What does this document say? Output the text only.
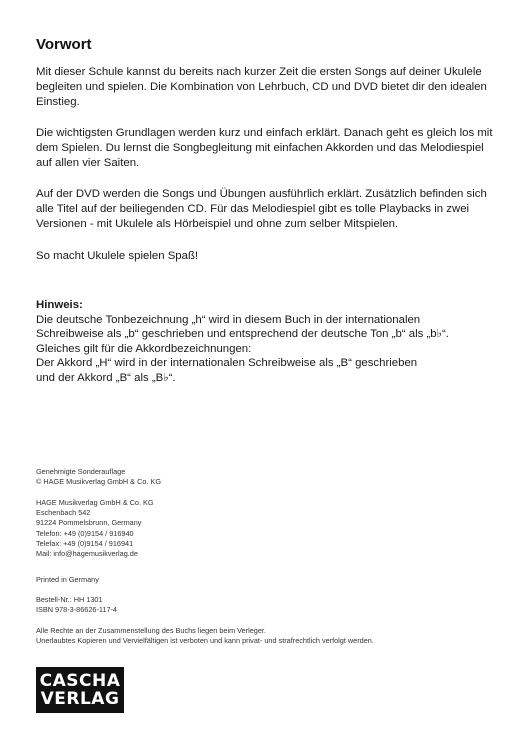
Vorwort

Mit dieser Schule kannst du bereits nach kurzer Zeit die ersten Songs auf deiner Ukulele begleiten und spielen. Die Kombination von Lehrbuch, CD und DVD bietet dir den idealen Einstieg.

Die wichtigsten Grundlagen werden kurz und einfach erklärt. Danach geht es gleich los mit dem Spielen. Du lernst die Songbegleitung mit einfachen Akkorden und das Melodiespiel auf allen vier Saiten.

Auf der DVD werden die Songs und Übungen ausführlich erklärt. Zusätzlich befinden sich alle Titel auf der beiliegenden CD. Für das Melodiespiel gibt es tolle Playbacks in zwei Versionen - mit Ukulele als Hörbeispiel und ohne zum selber Mitspielen.

So macht Ukulele spielen Spaß!

Hinweis:
Die deutsche Tonbezeichnung „h“ wird in diesem Buch in der internationalen
Schreibweise als „b“ geschrieben und entsprechend der deutsche Ton „b“ als „b♭“.
Gleiches gilt für die Akkordbezeichnungen:
Der Akkord „H“ wird in der internationalen Schreibweise als „B“ geschrieben
und der Akkord „B“ als „B♭“.
Genehmigte Sonderauflage
© HAGE Musikverlag GmbH & Co. KG
HAGE Musikverlag GmbH & Co. KG
Eschenbach 542
91224 Pommelsbrunn, Germany
Telefon: +49 (0)9154 / 916940
Telefax: +49 (0)9154 / 916941
Mail: info@hagemusikverlag.de
Printed in Germany
Bestell-Nr.: HH 1301
ISBN 978-3-86626-117-4
Alle Rechte an der Zusammenstellung des Buchs liegen beim Verleger.
Unerlaubtes Kopieren und Vervielfältigen ist verboten und kann privat- und strafrechtlich verfolgt werden.
CASCHA
VERLAG
